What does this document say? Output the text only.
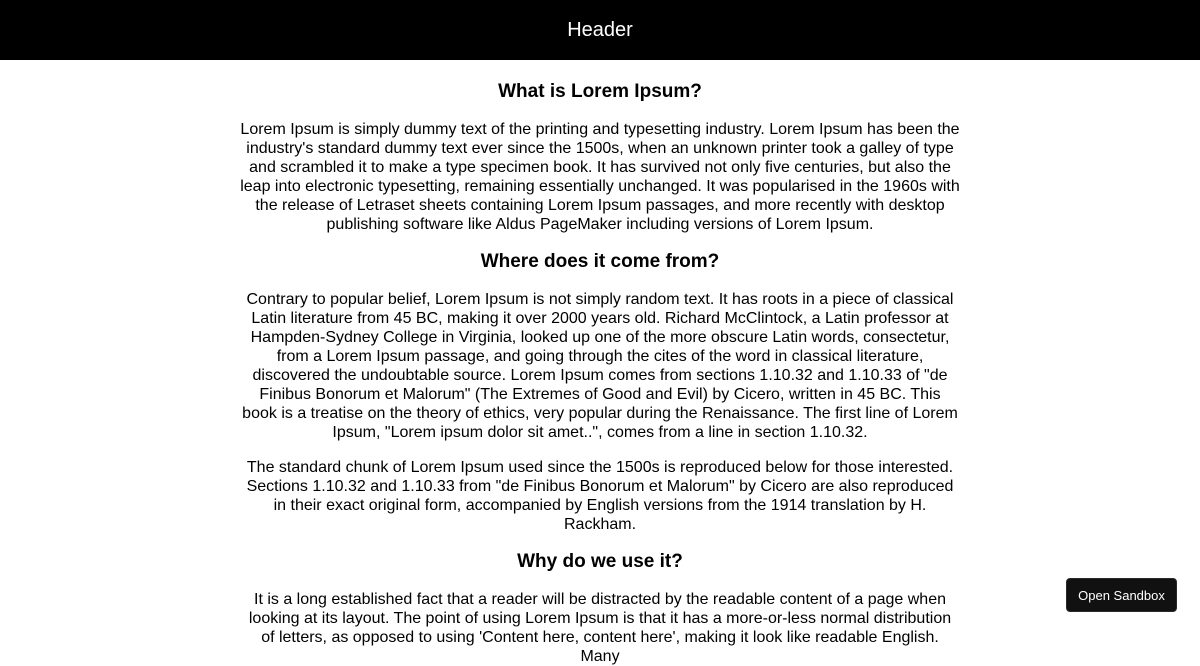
Header
What is Lorem Ipsum?

Lorem Ipsum is simply dummy text of the printing and typesetting industry. Lorem Ipsum has been the industry's standard dummy text ever since the 1500s, when an unknown printer took a galley of type and scrambled it to make a type specimen book. It has survived not only five centuries, but also the leap into electronic typesetting, remaining essentially unchanged. It was popularised in the 1960s with the release of Letraset sheets containing Lorem Ipsum passages, and more recently with desktop publishing software like Aldus PageMaker including versions of Lorem Ipsum.

Where does it come from?

Contrary to popular belief, Lorem Ipsum is not simply random text. It has roots in a piece of classical Latin literature from 45 BC, making it over 2000 years old. Richard McClintock, a Latin professor at Hampden-Sydney College in Virginia, looked up one of the more obscure Latin words, consectetur, from a Lorem Ipsum passage, and going through the cites of the word in classical literature, discovered the undoubtable source. Lorem Ipsum comes from sections 1.10.32 and 1.10.33 of "de Finibus Bonorum et Malorum" (The Extremes of Good and Evil) by Cicero, written in 45 BC. This book is a treatise on the theory of ethics, very popular during the Renaissance. The first line of Lorem Ipsum, "Lorem ipsum dolor sit amet..", comes from a line in section 1.10.32.

The standard chunk of Lorem Ipsum used since the 1500s is reproduced below for those interested. Sections 1.10.32 and 1.10.33 from "de Finibus Bonorum et Malorum" by Cicero are also reproduced in their exact original form, accompanied by English versions from the 1914 translation by H. Rackham.

Why do we use it?

It is a long established fact that a reader will be distracted by the readable content of a page when looking at its layout. The point of using Lorem Ipsum is that it has a more-or-less normal distribution of letters, as opposed to using 'Content here, content here', making it look like readable English. Many

Open Sandbox
